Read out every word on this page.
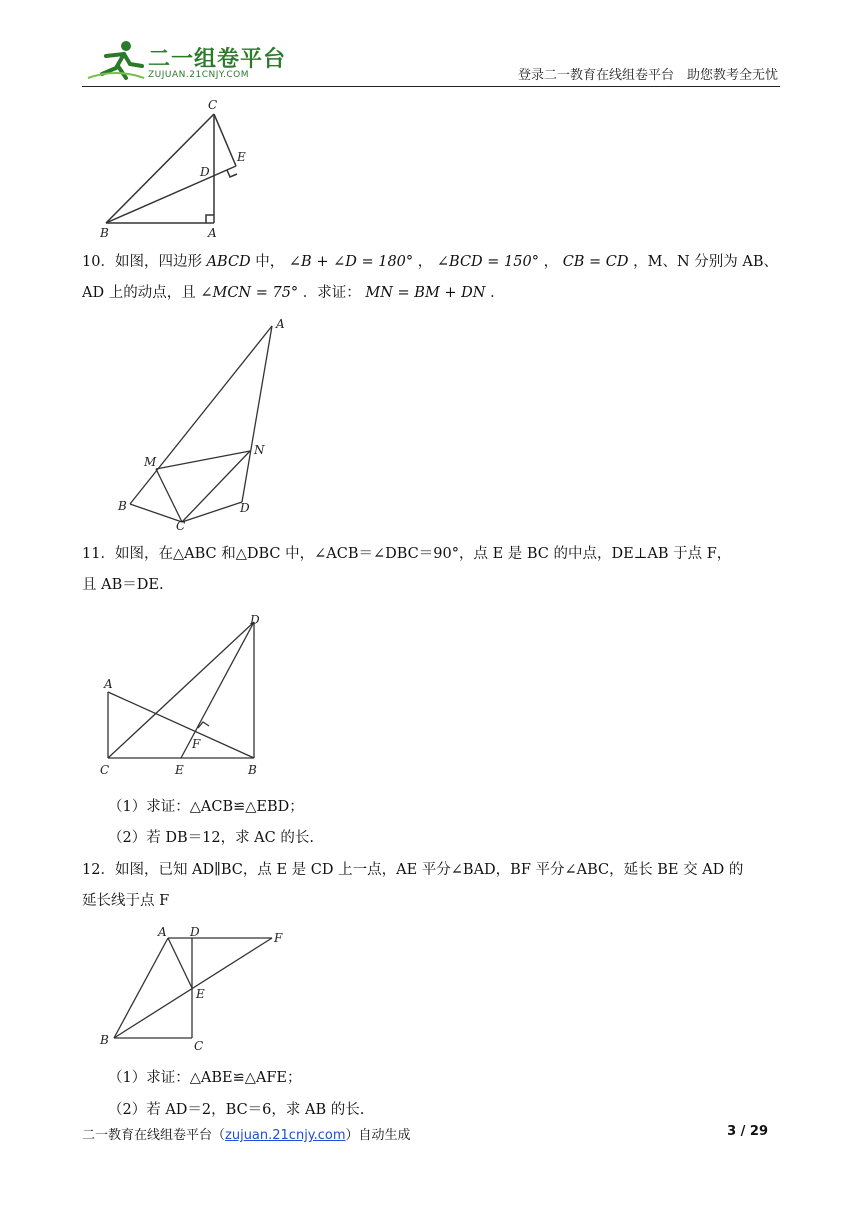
二一组卷平台
ZUJUAN.21CNJY.COM	登录二一教育在线组卷平台　助您教考全无忧
C
D
E
B	A
10．如图，四边形 ABCD 中， ∠B + ∠D = 180° ， ∠BCD = 150° ， CB = CD ，M、N 分别为 AB、
AD 上的动点，且 ∠MCN = 75° ．求证： MN = BM + DN ．
A
M
N
B
C
D
11．如图，在△ABC 和△DBC 中，∠ACB＝∠DBC＝90°，点 E 是 BC 的中点，DE⊥AB 于点 F，
且 AB＝DE.
D
A
F
C	E	B
（1）求证：△ACB≌△EBD；
（2）若 DB＝12，求 AC 的长.
12．如图，已知 AD∥BC，点 E 是 CD 上一点，AE 平分∠BAD，BF 平分∠ABC，延长 BE 交 AD 的
延长线于点 F
A D	F
E
B	C
（1）求证：△ABE≌△AFE；
（2）若 AD＝2，BC＝6，求 AB 的长.
二一教育在线组卷平台（zujuan.21cnjy.com）自动生成	3 / 29
